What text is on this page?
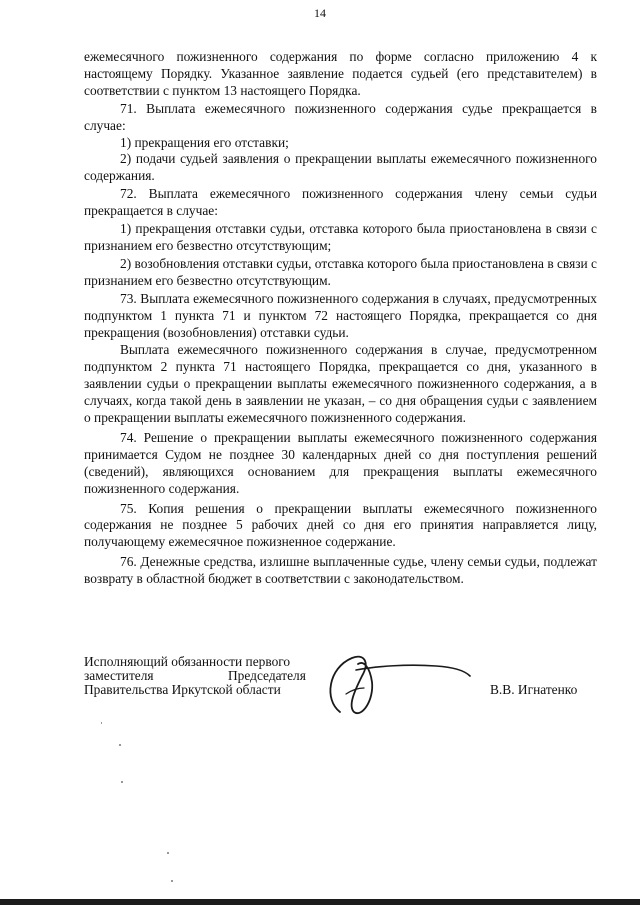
14

ежемесячного пожизненного содержания по форме согласно приложению 4 к настоящему Порядку. Указанное заявление подается судьей (его представителем) в соответствии с пунктом 13 настоящего Порядка.

71. Выплата ежемесячного пожизненного содержания судье прекращается в случае:

1) прекращения его отставки;

2) подачи судьей заявления о прекращении выплаты ежемесячного пожизненного содержания.

72. Выплата ежемесячного пожизненного содержания члену семьи судьи прекращается в случае:

1) прекращения отставки судьи, отставка которого была приостановлена в связи с признанием его безвестно отсутствующим;

2) возобновления отставки судьи, отставка которого была приостановлена в связи с признанием его безвестно отсутствующим.

73. Выплата ежемесячного пожизненного содержания в случаях, предусмотренных подпунктом 1 пункта 71 и пунктом 72 настоящего Порядка, прекращается со дня прекращения (возобновления) отставки судьи.

Выплата ежемесячного пожизненного содержания в случае, предусмотренном подпунктом 2 пункта 71 настоящего Порядка, прекращается со дня, указанного в заявлении судьи о прекращении выплаты ежемесячного пожизненного содержания, а в случаях, когда такой день в заявлении не указан, – со дня обращения судьи с заявлением о прекращении выплаты ежемесячного пожизненного содержания.

74. Решение о прекращении выплаты ежемесячного пожизненного содержания принимается Судом не позднее 30 календарных дней со дня поступления решений (сведений), являющихся основанием для прекращения выплаты ежемесячного пожизненного содержания.

75. Копия решения о прекращении выплаты ежемесячного пожизненного содержания не позднее 5 рабочих дней со дня его принятия направляется лицу, получающему ежемесячное пожизненное содержание.

76. Денежные средства, излишне выплаченные судье, члену семьи судьи, подлежат возврату в областной бюджет в соответствии с законодательством.

Исполняющий обязанности первого
заместителя	Председателя
Правительства Иркутской области	В.В. Игнатенко
